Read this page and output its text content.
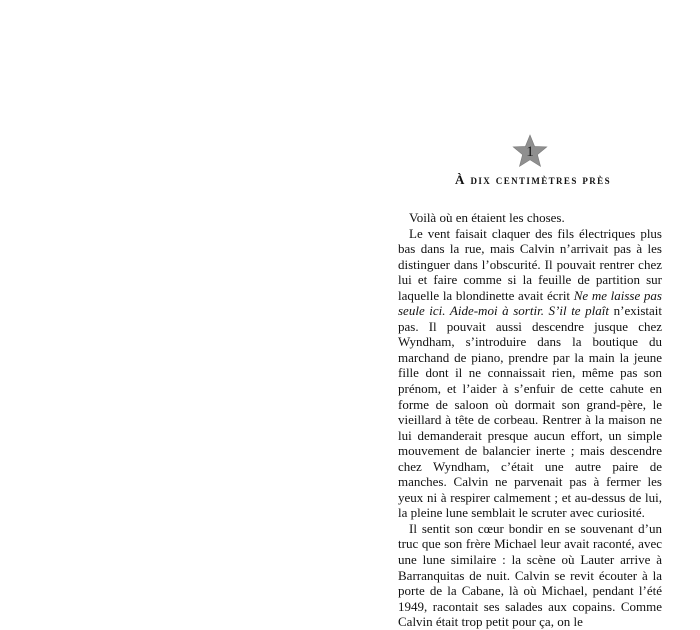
1
À dix centimètres près

Voilà où en étaient les choses.

Le vent faisait claquer des fils électriques plus bas dans la rue, mais Calvin n’arrivait pas à les distinguer dans l’obscurité. Il pouvait rentrer chez lui et faire comme si la feuille de partition sur laquelle la blondinette avait écrit Ne me laisse pas seule ici. Aide-moi à sortir. S’il te plaît n’existait pas. Il pouvait aussi descendre jusque chez Wyndham, s’introduire dans la boutique du marchand de piano, prendre par la main la jeune fille dont il ne connaissait rien, même pas son prénom, et l’aider à s’enfuir de cette cahute en forme de saloon où dormait son grand-père, le vieillard à tête de corbeau. Rentrer à la maison ne lui demanderait presque aucun effort, un simple mouvement de balancier inerte ; mais descendre chez Wyndham, c’était une autre paire de manches. Calvin ne parvenait pas à fermer les yeux ni à respirer calmement ; et au-dessus de lui, la pleine lune semblait le scruter avec curiosité.

Il sentit son cœur bondir en se souvenant d’un truc que son frère Michael leur avait raconté, avec une lune similaire : la scène où Lauter arrive à Barranquitas de nuit. Calvin se revit écouter à la porte de la Cabane, là où Michael, pendant l’été 1949, racontait ses salades aux copains. Comme Calvin était trop petit pour ça, on le
